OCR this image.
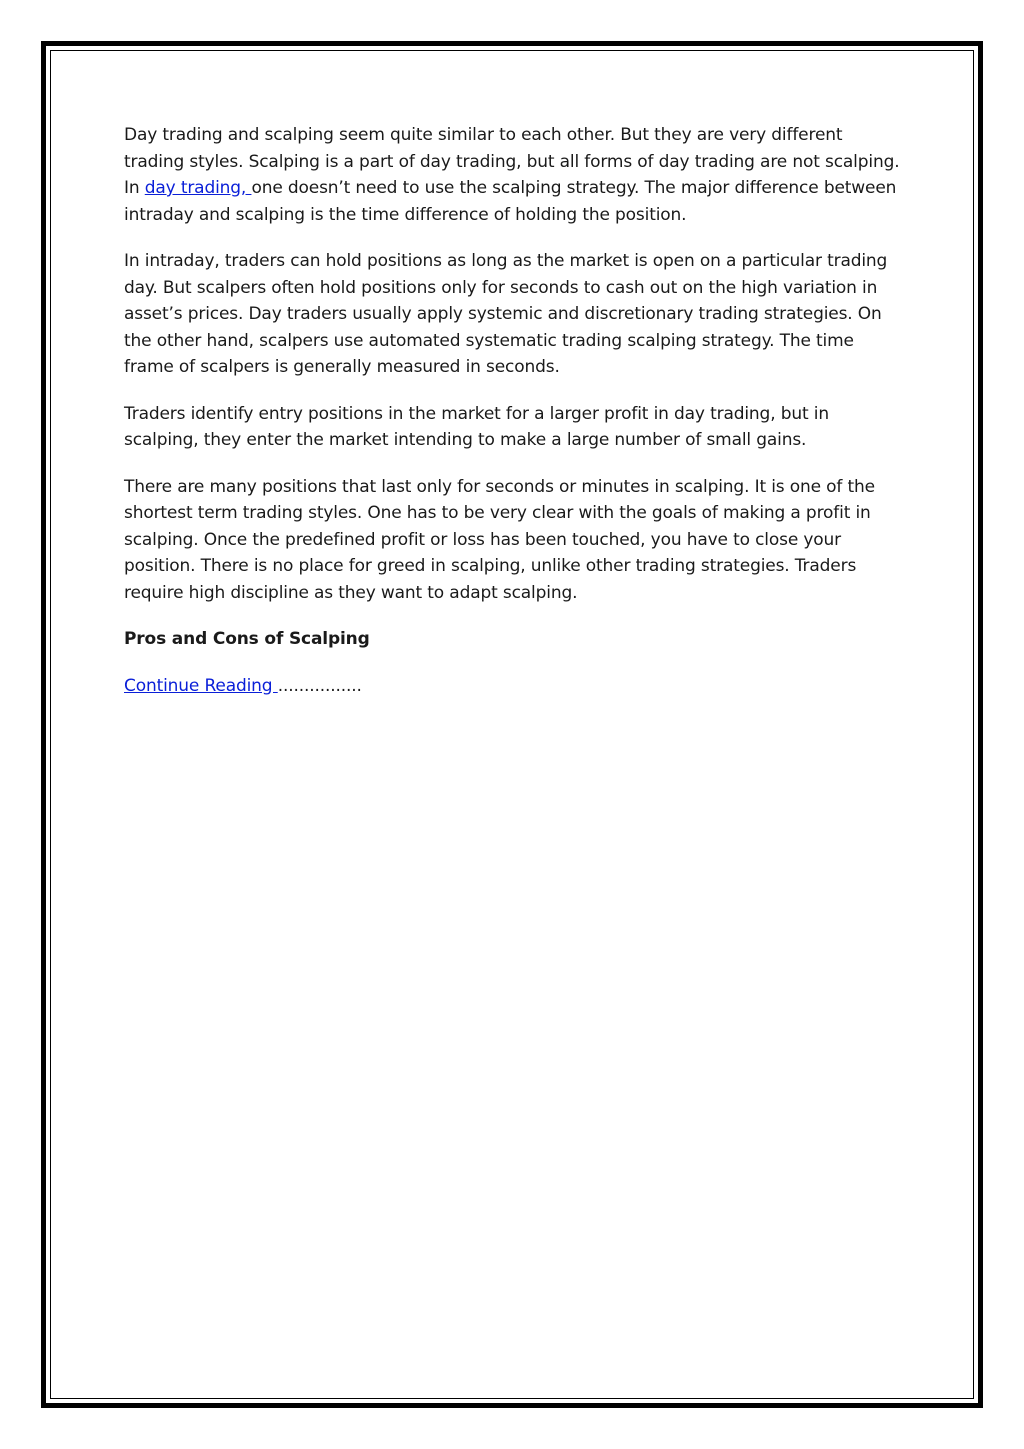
Day trading and scalping seem quite similar to each other. But they are very different trading styles. Scalping is a part of day trading, but all forms of day trading are not scalping. In day trading, one doesn’t need to use the scalping strategy. The major difference between intraday and scalping is the time difference of holding the position.

In intraday, traders can hold positions as long as the market is open on a particular trading day. But scalpers often hold positions only for seconds to cash out on the high variation in asset’s prices. Day traders usually apply systemic and discretionary trading strategies. On the other hand, scalpers use automated systematic trading scalping strategy. The time frame of scalpers is generally measured in seconds.

Traders identify entry positions in the market for a larger profit in day trading, but in scalping, they enter the market intending to make a large number of small gains.

There are many positions that last only for seconds or minutes in scalping. It is one of the shortest term trading styles. One has to be very clear with the goals of making a profit in scalping. Once the predefined profit or loss has been touched, you have to close your position. There is no place for greed in scalping, unlike other trading strategies. Traders require high discipline as they want to adapt scalping.

Pros and Cons of Scalping

Continue Reading ................
